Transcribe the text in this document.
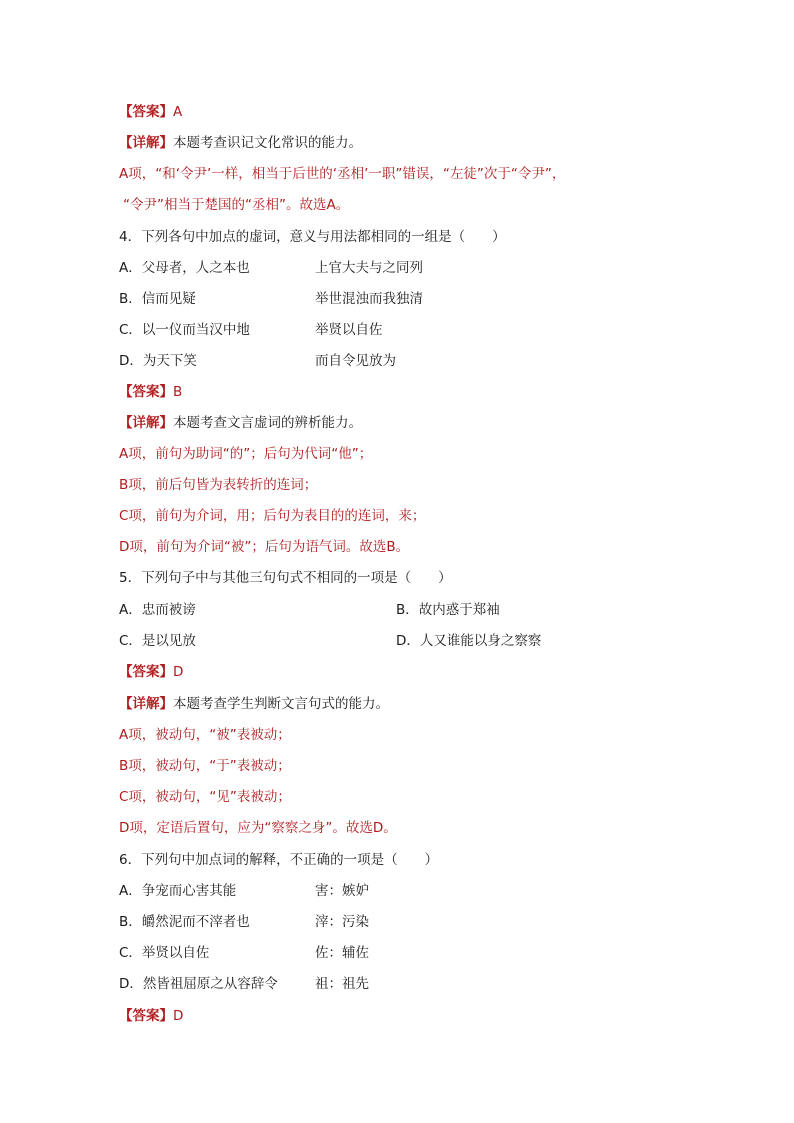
【答案】A
【详解】本题考查识记文化常识的能力。
A项，“和‘令尹’一样，相当于后世的‘丞相’一职”错误，“左徒”次于“令尹”，
“令尹”相当于楚国的“丞相”。故选A。
4．下列各句中加点的虚词，意义与用法都相同的一组是（　　）
A．父母者，人之本也	上官大夫与之同列
B．信而见疑	举世混浊而我独清
C．以一仪而当汉中地	举贤以自佐
D．为天下笑	而自令见放为
【答案】B
【详解】本题考查文言虚词的辨析能力。
A项，前句为助词“的”；后句为代词“他”；
B项，前后句皆为表转折的连词；
C项，前句为介词，用；后句为表目的的连词，来；
D项，前句为介词“被”；后句为语气词。故选B。
5．下列句子中与其他三句句式不相同的一项是（　　）
A．忠而被谤	B．故内惑于郑袖
C．是以见放	D．人又谁能以身之察察
【答案】D
【详解】本题考查学生判断文言句式的能力。
A项，被动句，“被”表被动；
B项，被动句，“于”表被动；
C项，被动句，“见”表被动；
D项，定语后置句，应为“察察之身”。故选D。
6．下列句中加点词的解释，不正确的一项是（　　）
A．争宠而心害其能	害：嫉妒
B．皭然泥而不滓者也	滓：污染
C．举贤以自佐	佐：辅佐
D．然皆祖屈原之从容辞令	祖：祖先
【答案】D
